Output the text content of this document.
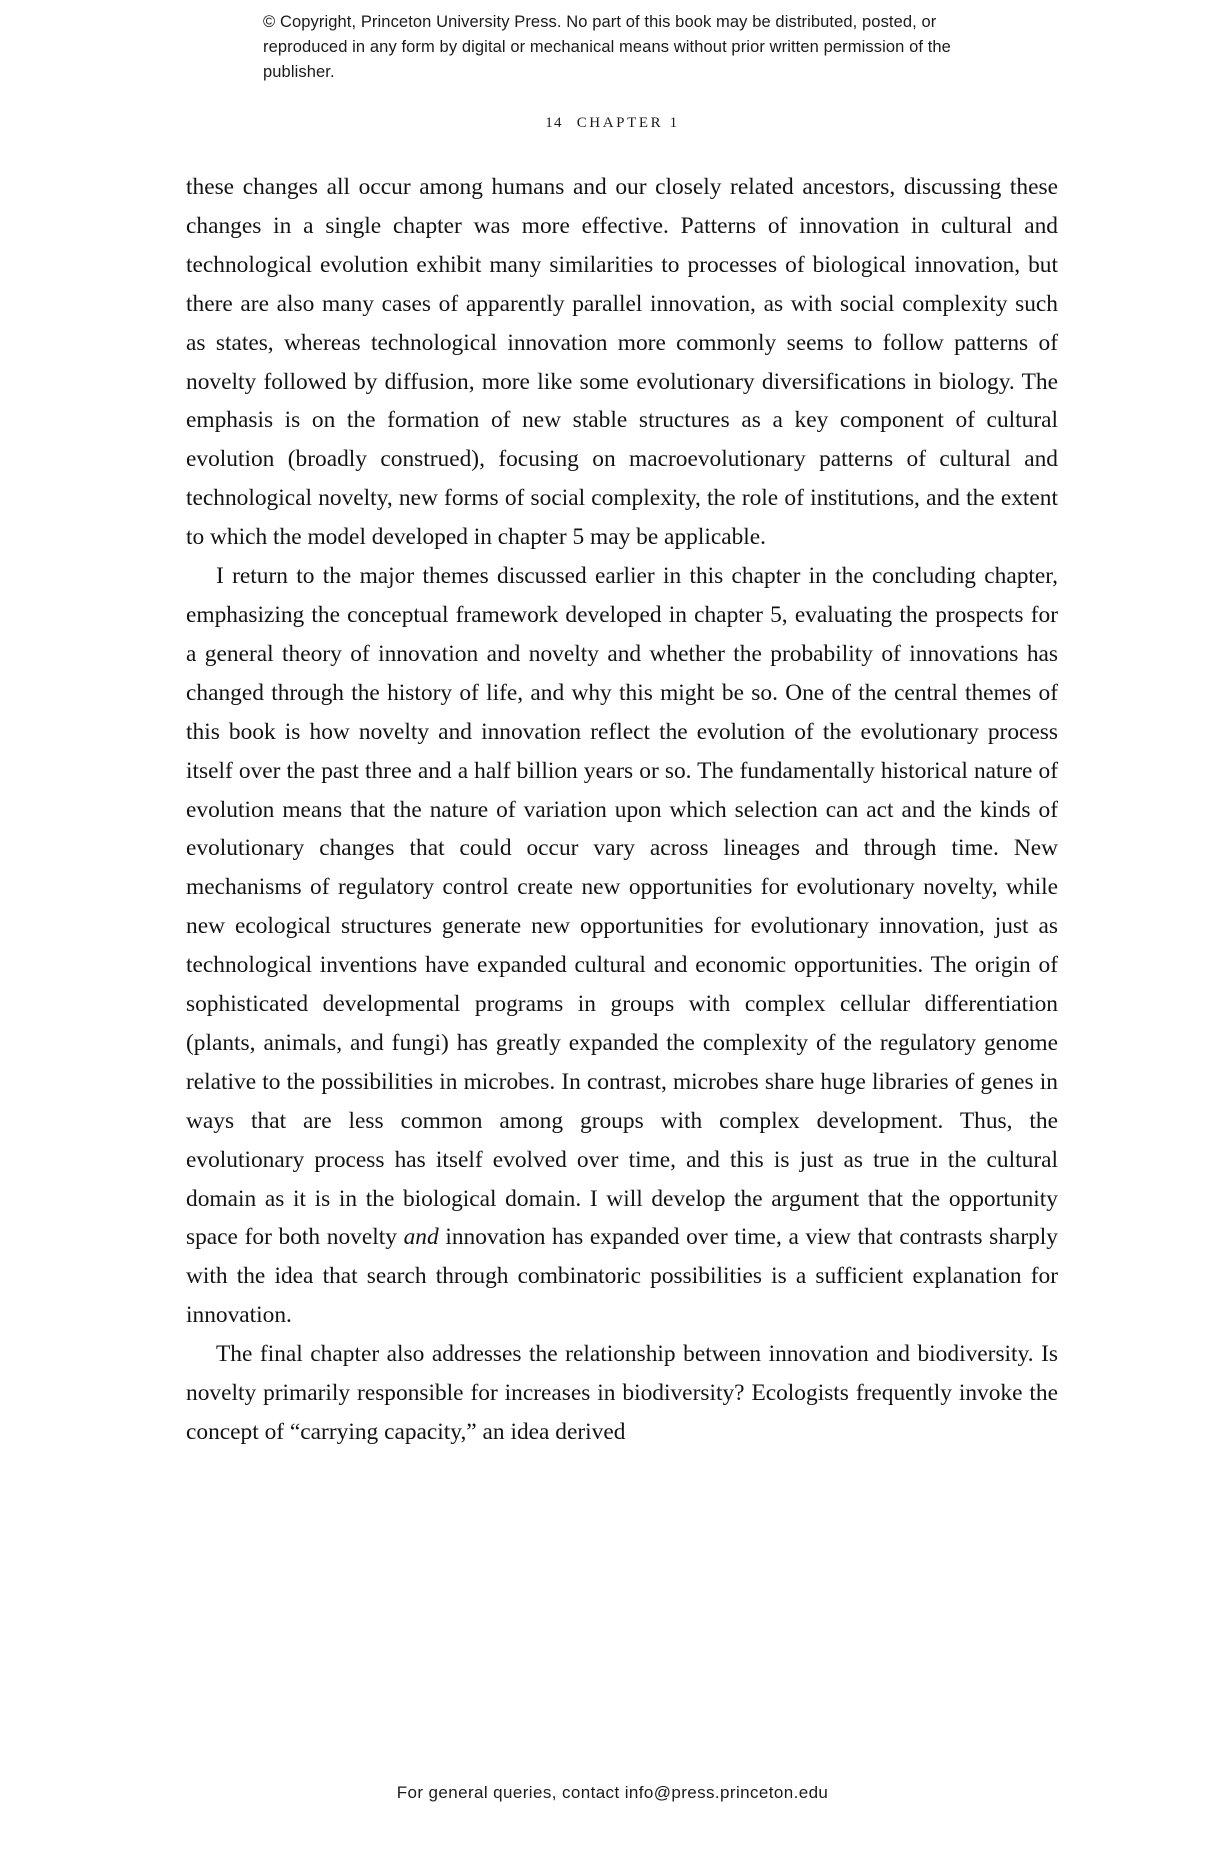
© Copyright, Princeton University Press. No part of this book may be distributed, posted, or reproduced in any form by digital or mechanical means without prior written permission of the publisher.
14 CHAPTER 1

these changes all occur among humans and our closely related ancestors, discussing these changes in a single chapter was more effective. Patterns of innovation in cultural and technological evolution exhibit many similarities to processes of biological innovation, but there are also many cases of apparently parallel innovation, as with social complexity such as states, whereas technological innovation more commonly seems to follow patterns of novelty followed by diffusion, more like some evolutionary diversifications in biology. The emphasis is on the formation of new stable structures as a key component of cultural evolution (broadly construed), focusing on macroevolutionary patterns of cultural and technological novelty, new forms of social complexity, the role of institutions, and the extent to which the model developed in chapter 5 may be applicable.

I return to the major themes discussed earlier in this chapter in the concluding chapter, emphasizing the conceptual framework developed in chapter 5, evaluating the prospects for a general theory of innovation and novelty and whether the probability of innovations has changed through the history of life, and why this might be so. One of the central themes of this book is how novelty and innovation reflect the evolution of the evolutionary process itself over the past three and a half billion years or so. The fundamentally historical nature of evolution means that the nature of variation upon which selection can act and the kinds of evolutionary changes that could occur vary across lineages and through time. New mechanisms of regulatory control create new opportunities for evolutionary novelty, while new ecological structures generate new opportunities for evolutionary innovation, just as technological inventions have expanded cultural and economic opportunities. The origin of sophisticated developmental programs in groups with complex cellular differentiation (plants, animals, and fungi) has greatly expanded the complexity of the regulatory genome relative to the possibilities in microbes. In contrast, microbes share huge libraries of genes in ways that are less common among groups with complex development. Thus, the evolutionary process has itself evolved over time, and this is just as true in the cultural domain as it is in the biological domain. I will develop the argument that the opportunity space for both novelty and innovation has expanded over time, a view that contrasts sharply with the idea that search through combinatoric possibilities is a sufficient explanation for innovation.

The final chapter also addresses the relationship between innovation and biodiversity. Is novelty primarily responsible for increases in biodiversity? Ecologists frequently invoke the concept of “carrying capacity,” an idea derived

For general queries, contact info@press.princeton.edu
